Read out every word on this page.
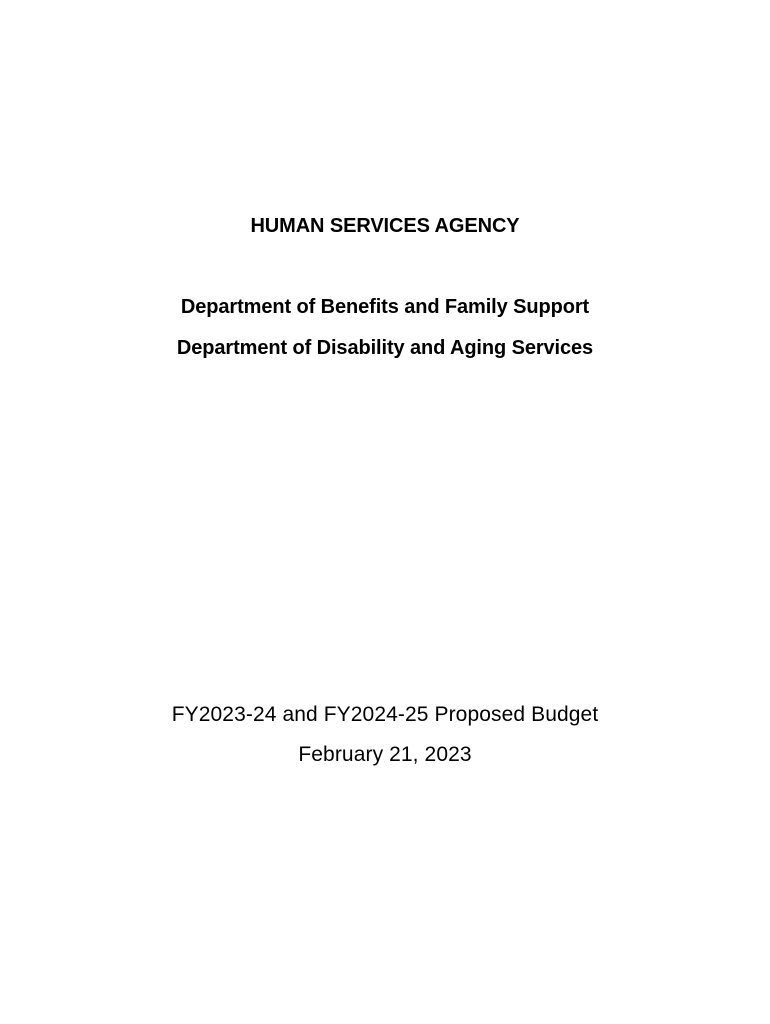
HUMAN SERVICES AGENCY
Department of Benefits and Family Support
Department of Disability and Aging Services
FY2023-24 and FY2024-25 Proposed Budget
February 21, 2023
